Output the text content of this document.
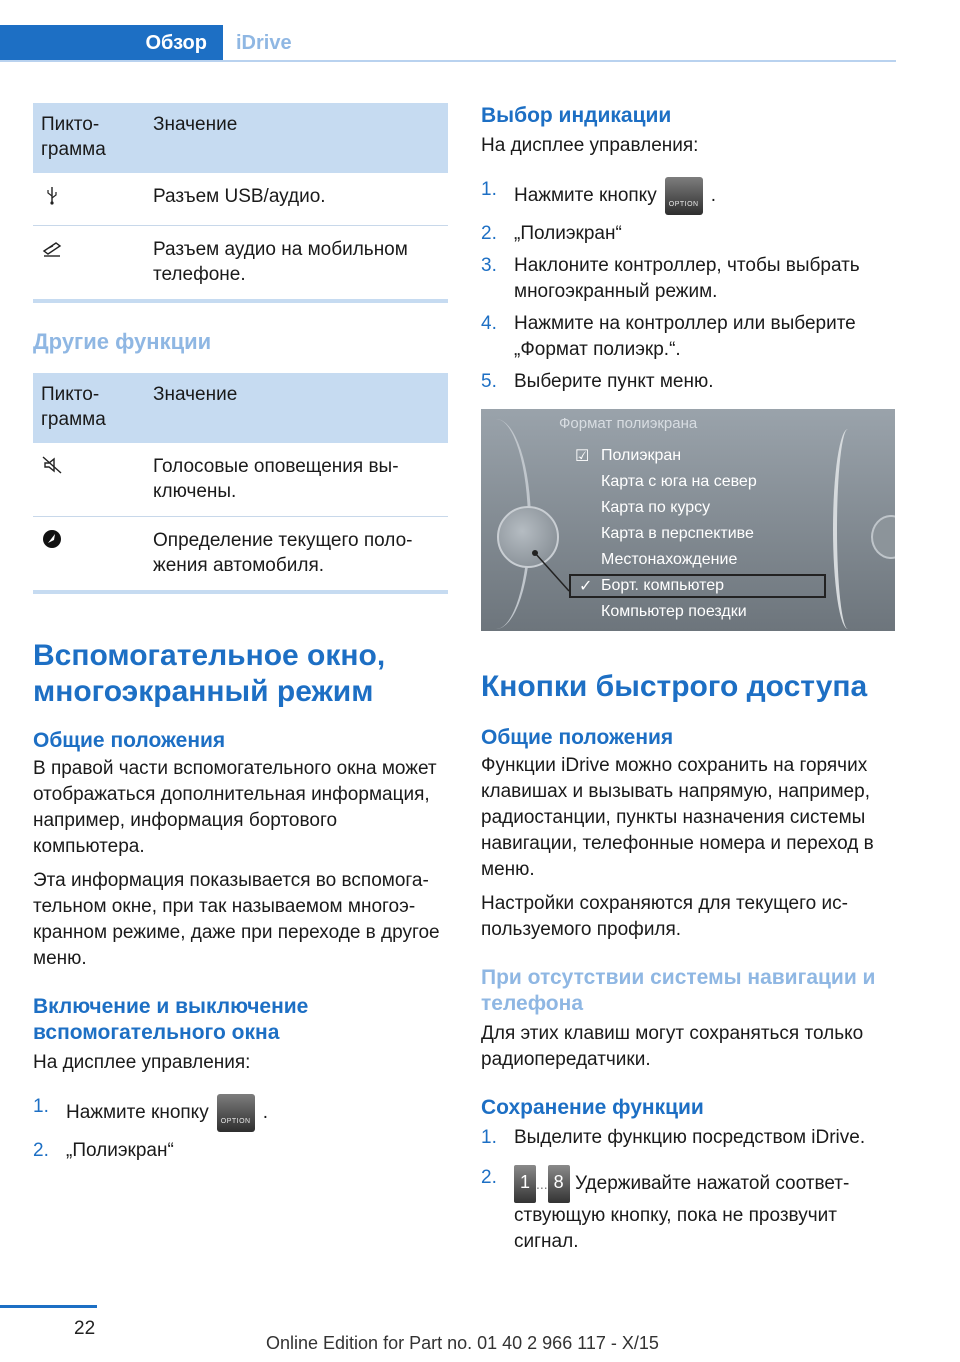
Обзор	iDrive
Пиктограмма	Значение
	Разъем USB/аудио.
	Разъем аудио на мобильном телефоне.
Другие функции
Пиктограмма	Значение
	Голосовые оповещения выключены.
	Определение текущего положения автомобиля.
Вспомогательное окно, многоэкранный режим
Общие положения

В правой части вспомогательного окна может отображаться дополнительная информация, например, информация бортового компьютера.

Эта информация показывается во вспомогательном окне, при так называемом многоэкранном режиме, даже при переходе в другое меню.

Включение и выключение вспомогательного окна

На дисплее управления:

1. Нажмите кнопку	OPTION .
2. „Полиэкран“
Выбор индикации

На дисплее управления:

1. Нажмите кнопку	OPTION .
2. „Полиэкран“
3. Наклоните контроллер, чтобы выбрать многоэкранный режим.
4. Нажмите на контроллер или выберите „Формат полиэкр.“.
5. Выберите пункт меню.
Формат полиэкрана
☑ Полиэкран
Карта с юга на север
Карта по курсу
Карта в перспективе
Местонахождение
✓ Борт. компьютер
Компьютер поездки
Кнопки быстрого доступа
Общие положения

Функции iDrive можно сохранить на горячих клавишах и вызывать напрямую, например, радиостанции, пункты назначения системы навигации, телефонные номера и переход в меню.

Настройки сохраняются для текущего используемого профиля.

При отсутствии системы навигации и телефона

Для этих клавиш могут сохраняться только радиопередатчики.

Сохранение функции
1. Выделите функцию посредством iDrive.
2. 1 ... 8 Удерживайте нажатой соответствующую кнопку, пока не прозвучит сигнал.
22
Online Edition for Part no. 01 40 2 966 117 - X/15
